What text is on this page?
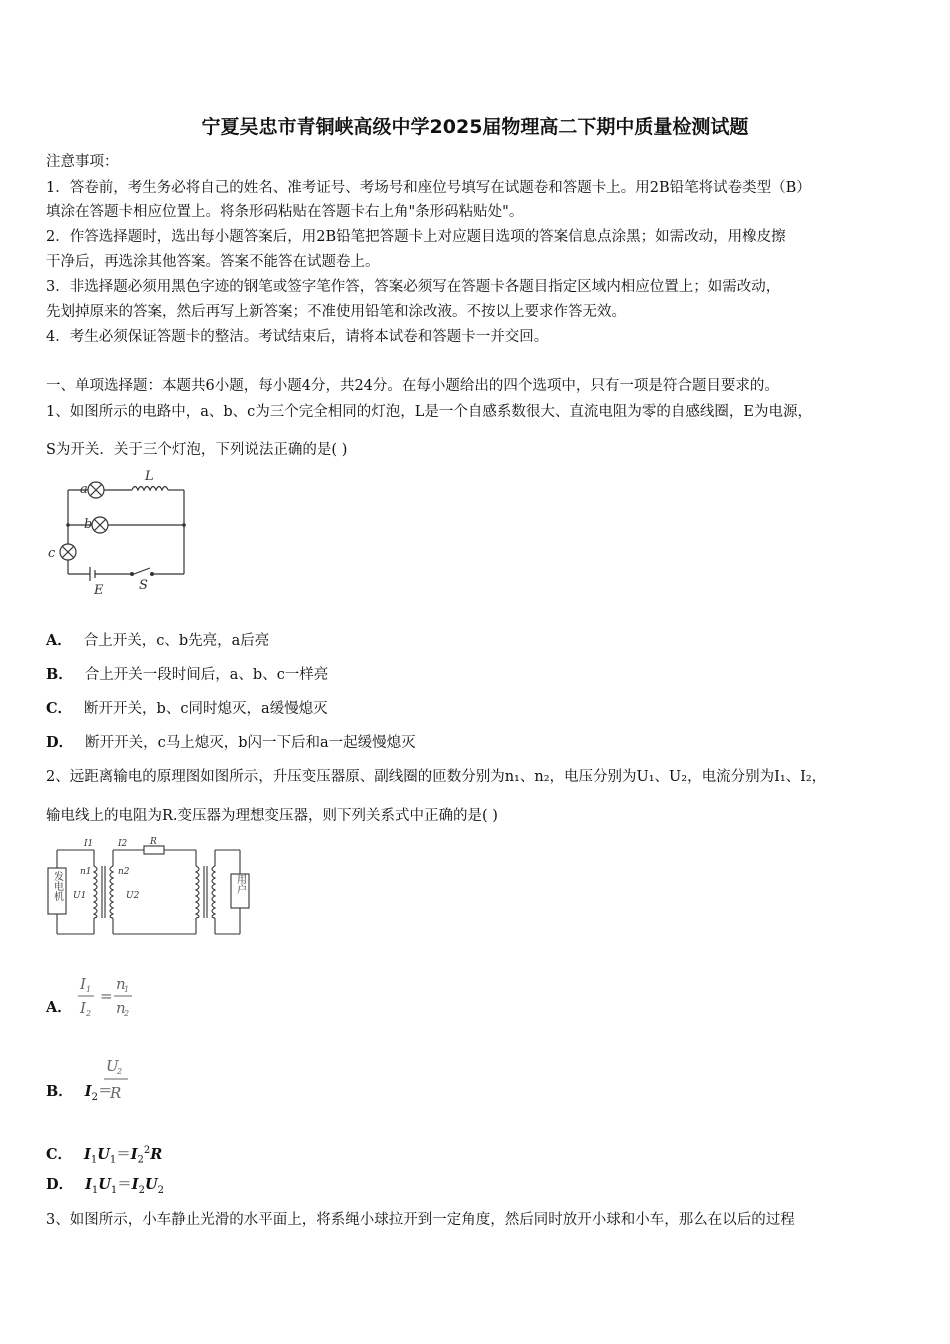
宁夏吴忠市青铜峡高级中学2025届物理高二下期中质量检测试题
注意事项：
1．答卷前，考生务必将自己的姓名、准考证号、考场号和座位号填写在试题卷和答题卡上。用2B铅笔将试卷类型（B）
填涂在答题卡相应位置上。将条形码粘贴在答题卡右上角"条形码粘贴处"。
2．作答选择题时，选出每小题答案后，用2B铅笔把答题卡上对应题目选项的答案信息点涂黑；如需改动，用橡皮擦
干净后，再选涂其他答案。答案不能答在试题卷上。
3．非选择题必须用黑色字迹的钢笔或签字笔作答，答案必须写在答题卡各题目指定区域内相应位置上；如需改动，
先划掉原来的答案，然后再写上新答案；不准使用铅笔和涂改液。不按以上要求作答无效。
4．考生必须保证答题卡的整洁。考试结束后，请将本试卷和答题卡一并交回。
一、单项选择题：本题共6小题，每小题4分，共24分。在每小题给出的四个选项中，只有一项是符合题目要求的。
1、如图所示的电路中，a、b、c为三个完全相同的灯泡，L是一个自感系数很大、直流电阻为零的自感线圈，E为电源，
S为开关．关于三个灯泡，下列说法正确的是( )
a
L
b
c
E	S
A． 合上开关，c、b先亮，a后亮
B． 合上开关一段时间后，a、b、c一样亮
C． 断开开关，b、c同时熄灭，a缓慢熄灭
D． 断开开关，c马上熄灭，b闪一下后和a一起缓慢熄灭
2、远距离输电的原理图如图所示，升压变压器原、副线圈的匝数分别为n₁、n₂，电压分别为U₁、U₂，电流分别为I₁、I₂，
输电线上的电阻为R.变压器为理想变压器，则下列关系式中正确的是( )
发电机	用户
I1	I2	R
n1	n2
U1	U2
A．
I 1
I 2
=
n
1
n
2
B． $I_2=$
U
2
R
C． $I_1U_1=I_2^2R$
D． $I_1U_1=I_2U_2$
3、如图所示，小车静止光滑的水平面上，将系绳小球拉开到一定角度，然后同时放开小球和小车，那么在以后的过程
